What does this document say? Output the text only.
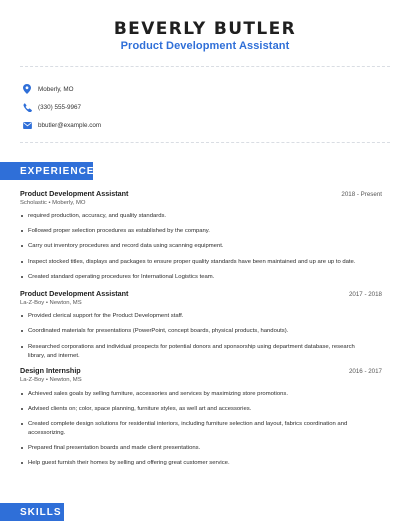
BEVERLY BUTLER
Product Development Assistant
Moberly, MO
(330) 555-9967
bbutler@example.com
EXPERIENCE
Product Development Assistant	2018 - Present
Scholastic • Moberly, MO
required production, accuracy, and quality standards.
Followed proper selection procedures as established by the company.
Carry out inventory procedures and record data using scanning equipment.
Inspect stocked titles, displays and packages to ensure proper quality standards have been maintained and up are up to date.
Created standard operating procedures for International Logistics team.
Product Development Assistant	2017 - 2018
La-Z-Boy • Newton, MS
Provided clerical support for the Product Development staff.
Coordinated materials for presentations (PowerPoint, concept boards, physical products, handouts).
Researched corporations and individual prospects for potential donors and sponsorship using department database, research library, and internet.
Design Internship	2016 - 2017
La-Z-Boy • Newton, MS
Achieved sales goals by selling furniture, accessories and services by maximizing store promotions.
Advised clients on; color, space planning, furniture styles, as well art and accessories.
Created complete design solutions for residential interiors, including furniture selection and layout, fabrics coordination and accessorizing.
Prepared final presentation boards and made client presentations.
Help guest furnish their homes by selling and offering great customer service.
SKILLS
